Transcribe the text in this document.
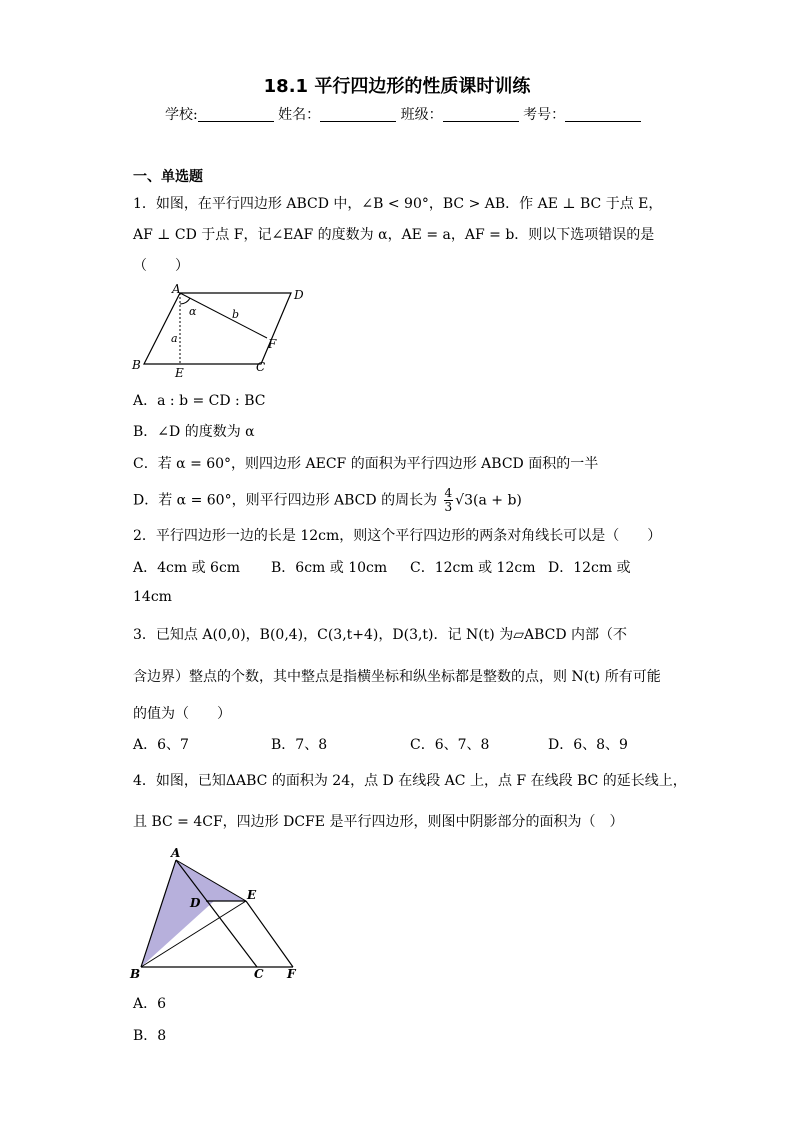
18.1 平行四边形的性质课时训练
学校:	姓名：	班级：	考号：
一、单选题
1．如图，在平行四边形 ABCD 中，∠B < 90°，BC > AB．作 AE ⊥ BC 于点 E，
AF ⊥ CD 于点 F，记∠EAF 的度数为 α，AE = a，AF = b．则以下选项错误的是
（　　）
A	D
B
E	C
F
α
a
b
A．a : b = CD : BC
B．∠D 的度数为 α
C．若 α = 60°，则四边形 AECF 的面积为平行四边形 ABCD 面积的一半
D．若 α = 60°，则平行四边形 ABCD 的周长为 $\frac{4}{3} √3(a + b)$
2．平行四边形一边的长是 12cm，则这个平行四边形的两条对角线长可以是（　　）
A．4cm 或 6cm B．6cm 或 10cm C．12cm 或 12cm D．12cm 或
14cm
3．已知点 A(0,0)，B(0,4)，C(3,t+4)，D(3,t)．记 N(t) 为▱ABCD 内部（不
含边界）整点的个数，其中整点是指横坐标和纵坐标都是整数的点，则 N(t) 所有可能
的值为（　　）
A．6、7	B．7、8	C．6、7、8	D．6、8、9
4．如图，已知ΔABC 的面积为 24，点 D 在线段 AC 上，点 F 在线段 BC 的延长线上，
且 BC = 4CF，四边形 DCFE 是平行四边形，则图中阴影部分的面积为（　）
A
D
E
B	C F
A．6
B．8
